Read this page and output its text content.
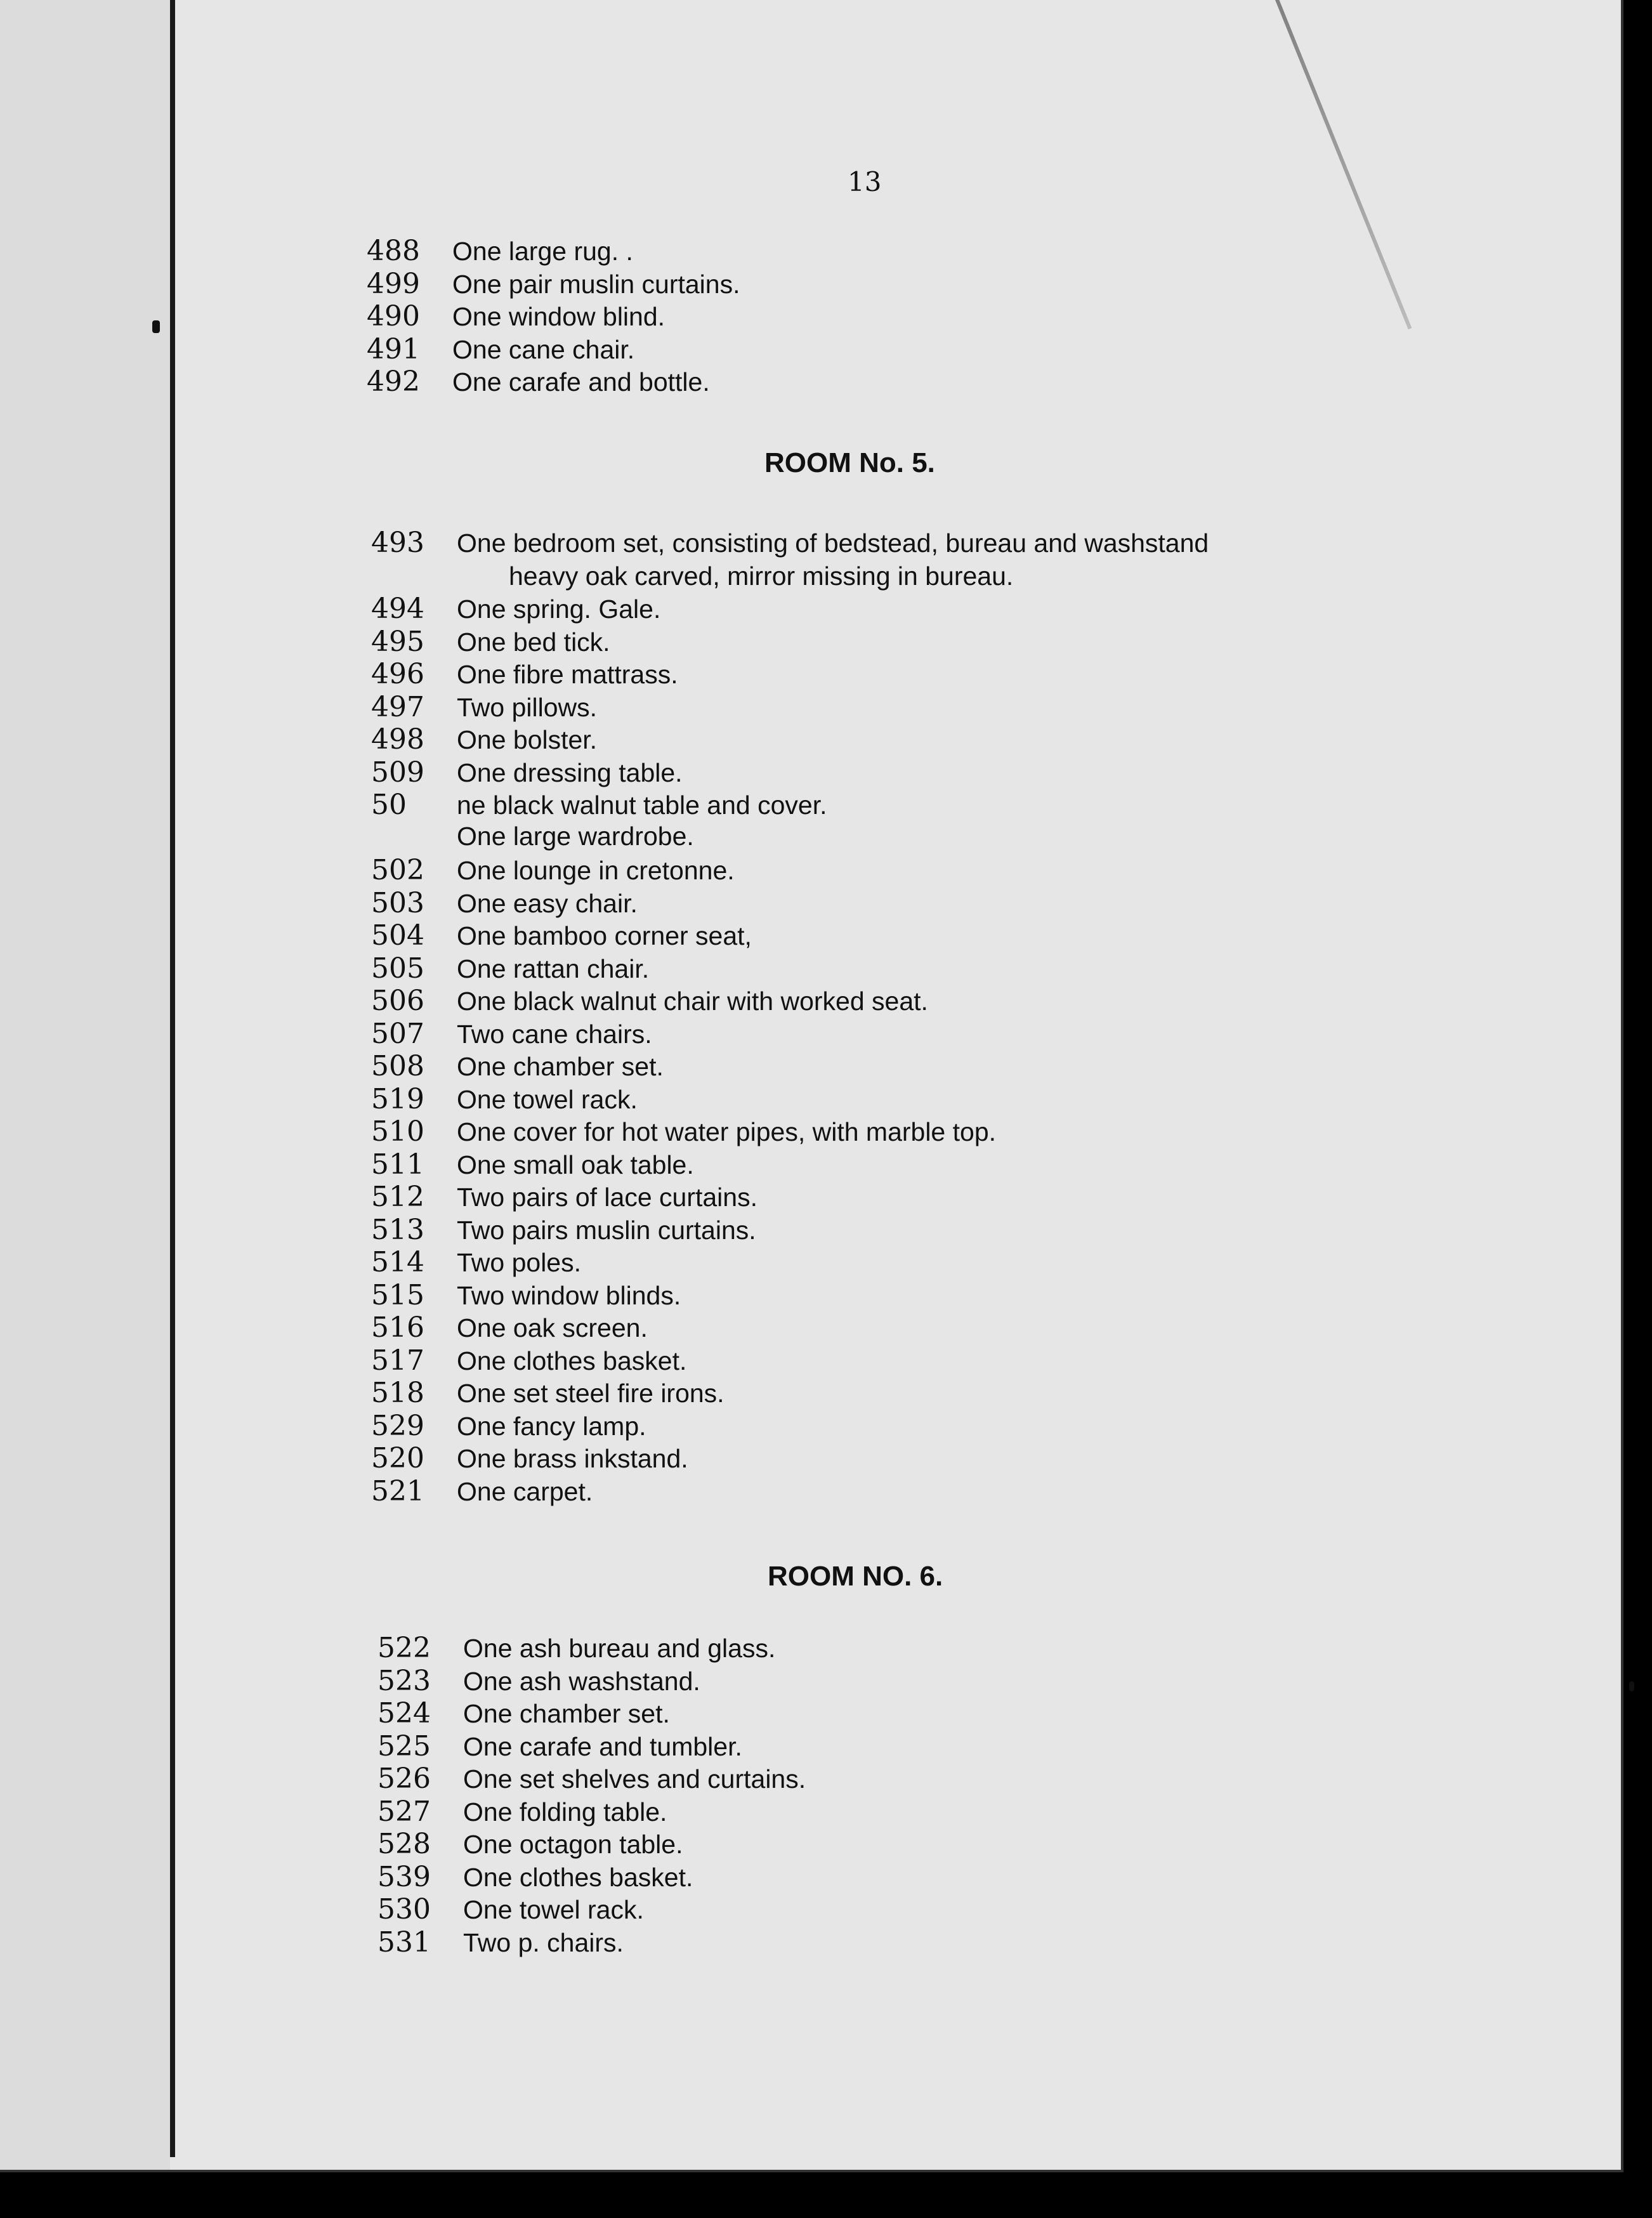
13
488	One large rug. .
499	One pair muslin curtains.
490	One window blind.
491	One cane chair.
492	One carafe and bottle.
ROOM No. 5.
493	One bedroom set, consisting of bedstead, bureau and washstand
heavy oak carved, mirror missing in bureau.
494	One spring. Gale.
495	One bed tick.
496	One fibre mattrass.
497	Two pillows.
498	One bolster.
509	One dressing table.
50	ne black walnut table and cover.
One large wardrobe.
502	One lounge in cretonne.
503	One easy chair.
504	One bamboo corner seat,
505	One rattan chair.
506	One black walnut chair with worked seat.
507	Two cane chairs.
508	One chamber set.
519	One towel rack.
510	One cover for hot water pipes, with marble top.
511	One small oak table.
512	Two pairs of lace curtains.
513	Two pairs muslin curtains.
514	Two poles.
515	Two window blinds.
516	One oak screen.
517	One clothes basket.
518	One set steel fire irons.
529	One fancy lamp.
520	One brass inkstand.
521	One carpet.
ROOM NO. 6.
522	One ash bureau and glass.
523	One ash washstand.
524	One chamber set.
525	One carafe and tumbler.
526	One set shelves and curtains.
527	One folding table.
528	One octagon table.
539	One clothes basket.
530	One towel rack.
531	Two p. chairs.
